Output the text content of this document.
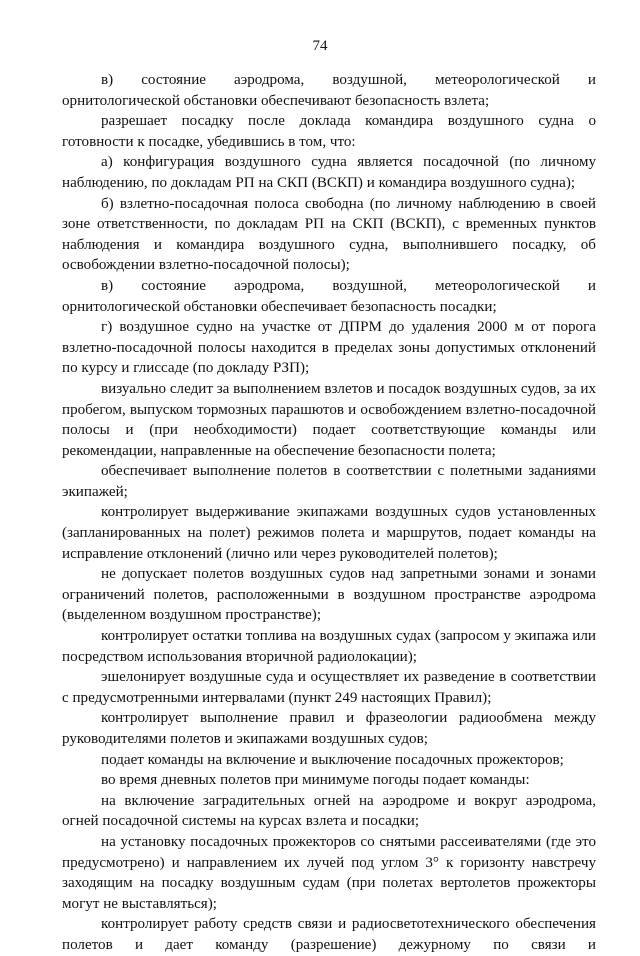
74

в) состояние аэродрома, воздушной, метеорологической и орнитологической обстановки обеспечивают безопасность взлета;

разрешает посадку после доклада командира воздушного судна о готовности к посадке, убедившись в том, что:

а) конфигурация воздушного судна является посадочной (по личному наблюдению, по докладам РП на СКП (ВСКП) и командира воздушного судна);

б) взлетно-посадочная полоса свободна (по личному наблюдению в своей зоне ответственности, по докладам РП на СКП (ВСКП), с временных пунктов наблюдения и командира воздушного судна, выполнившего посадку, об освобождении взлетно-посадочной полосы);

в) состояние аэродрома, воздушной, метеорологической и орнитологической обстановки обеспечивает безопасность посадки;

г) воздушное судно на участке от ДПРМ до удаления 2000 м от порога взлетно-посадочной полосы находится в пределах зоны допустимых отклонений по курсу и глиссаде (по докладу РЗП);

визуально следит за выполнением взлетов и посадок воздушных судов, за их пробегом, выпуском тормозных парашютов и освобождением взлетно-посадочной полосы и (при необходимости) подает соответствующие команды или рекомендации, направленные на обеспечение безопасности полета;

обеспечивает выполнение полетов в соответствии с полетными заданиями экипажей;

контролирует выдерживание экипажами воздушных судов установленных (запланированных на полет) режимов полета и маршрутов, подает команды на исправление отклонений (лично или через руководителей полетов);

не допускает полетов воздушных судов над запретными зонами и зонами ограничений полетов, расположенными в воздушном пространстве аэродрома (выделенном воздушном пространстве);

контролирует остатки топлива на воздушных судах (запросом у экипажа или посредством использования вторичной радиолокации);

эшелонирует воздушные суда и осуществляет их разведение в соответствии с предусмотренными интервалами (пункт 249 настоящих Правил);

контролирует выполнение правил и фразеологии радиообмена между руководителями полетов и экипажами воздушных судов;

подает команды на включение и выключение посадочных прожекторов;

во время дневных полетов при минимуме погоды подает команды:

на включение заградительных огней на аэродроме и вокруг аэродрома, огней посадочной системы на курсах взлета и посадки;

на установку посадочных прожекторов со снятыми рассеивателями (где это предусмотрено) и направлением их лучей под углом 3° к горизонту навстречу заходящим на посадку воздушным судам (при полетах вертолетов прожекторы могут не выставляться);

контролирует работу средств связи и радиосветотехнического обеспечения полетов и дает команду (разрешение) дежурному по связи и
